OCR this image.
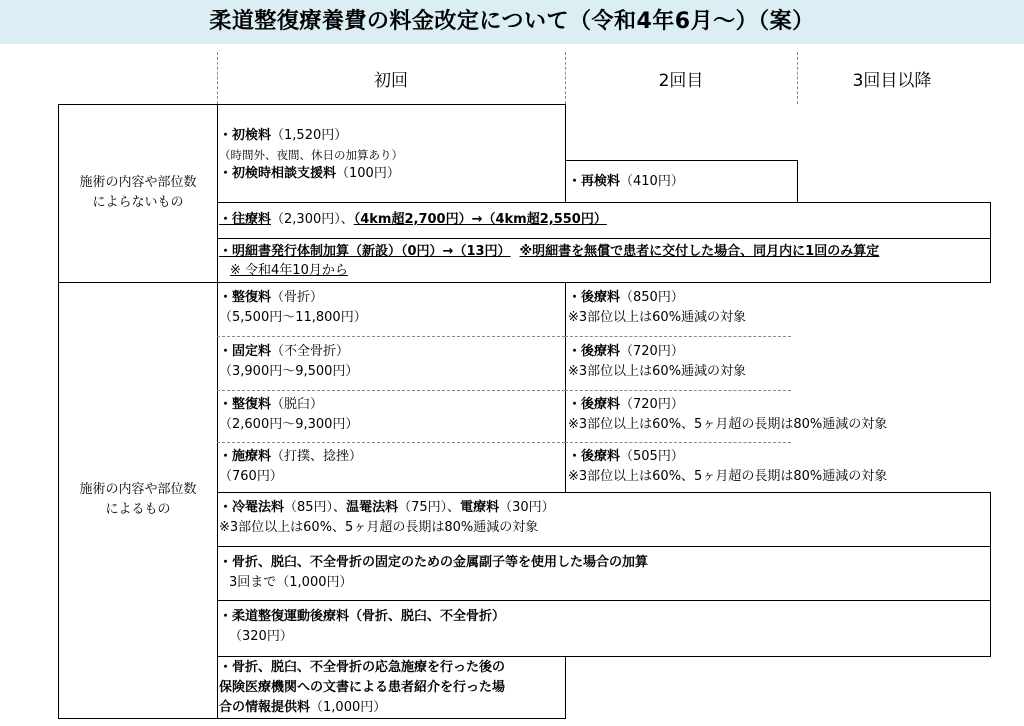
柔道整復療養費の料金改定について（令和4年6月～）（案）
初回	2回目	3回目以降
施術の内容や部位数
によらないもの
施術の内容や部位数
によるもの
・初検料（1,520円）
（時間外、夜間、休日の加算あり）
・初検時相談支援料（100円）
・再検料（410円）
・往療料（2,300円）、（4km超2,700円）→（4km超2,550円）
・明細書発行体制加算（新設）（0円）→（13円） ※明細書を無償で患者に交付した場合、同月内に1回のみ算定
※ 令和4年10月から
・整復料（骨折）
（5,500円～11,800円）
・後療料（850円）
※3部位以上は60%逓減の対象
・固定料（不全骨折）
（3,900円～9,500円）
・後療料（720円）
※3部位以上は60%逓減の対象
・整復料（脱臼）
（2,600円～9,300円）
・後療料（720円）
※3部位以上は60%、5ヶ月超の長期は80%逓減の対象
・施療料（打撲、捻挫）
（760円）
・後療料（505円）
※3部位以上は60%、5ヶ月超の長期は80%逓減の対象
・冷罨法料（85円）、温罨法料（75円）、電療料（30円）
※3部位以上は60%、5ヶ月超の長期は80%逓減の対象
・骨折、脱臼、不全骨折の固定のための金属副子等を使用した場合の加算
3回まで（1,000円）
・柔道整復運動後療料（骨折、脱臼、不全骨折）
（320円）
・骨折、脱臼、不全骨折の応急施療を行った後の
保険医療機関への文書による患者紹介を行った場
合の情報提供料（1,000円）
